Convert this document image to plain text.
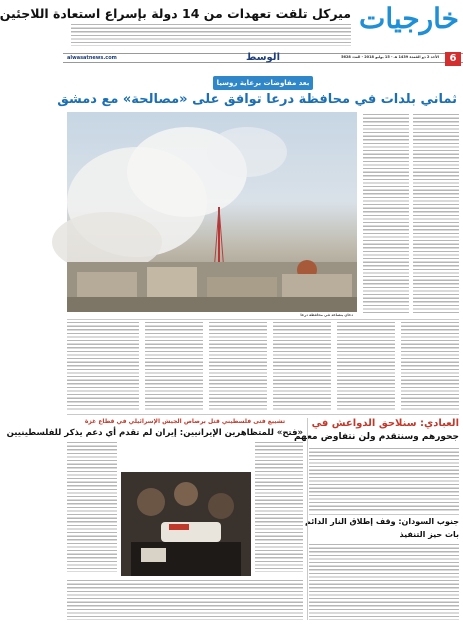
خارجيات
ميركل تلقت تعهدات من 14 دولة بإسراع استعادة اللاجئين
6
الأحد 2 ذو القعدة 1439 هـ - 15 يوليو 2018 - العدد 5628
الوسط
alwasatnews.com
بعد مفاوضات برعاية روسيا
ثماني بلدات في محافظة درعا توافق على «مصالحة» مع دمشق
دخان يتصاعد في محافظة درعا
العبادي: سنلاحق الدواعش في
جحورهم وسنتقدم ولن نتفاوض معهم
جنوب السودان: وقف إطلاق النار الدائم
بات حيز التنفيذ
تشييع فتى فلسطيني قتل برصاص الجيش الإسرائيلي في قطاع غزة
«فتح» للمتظاهرين الإيرانيين: إيران لم تقدم أي دعم يذكر للفلسطينيين
